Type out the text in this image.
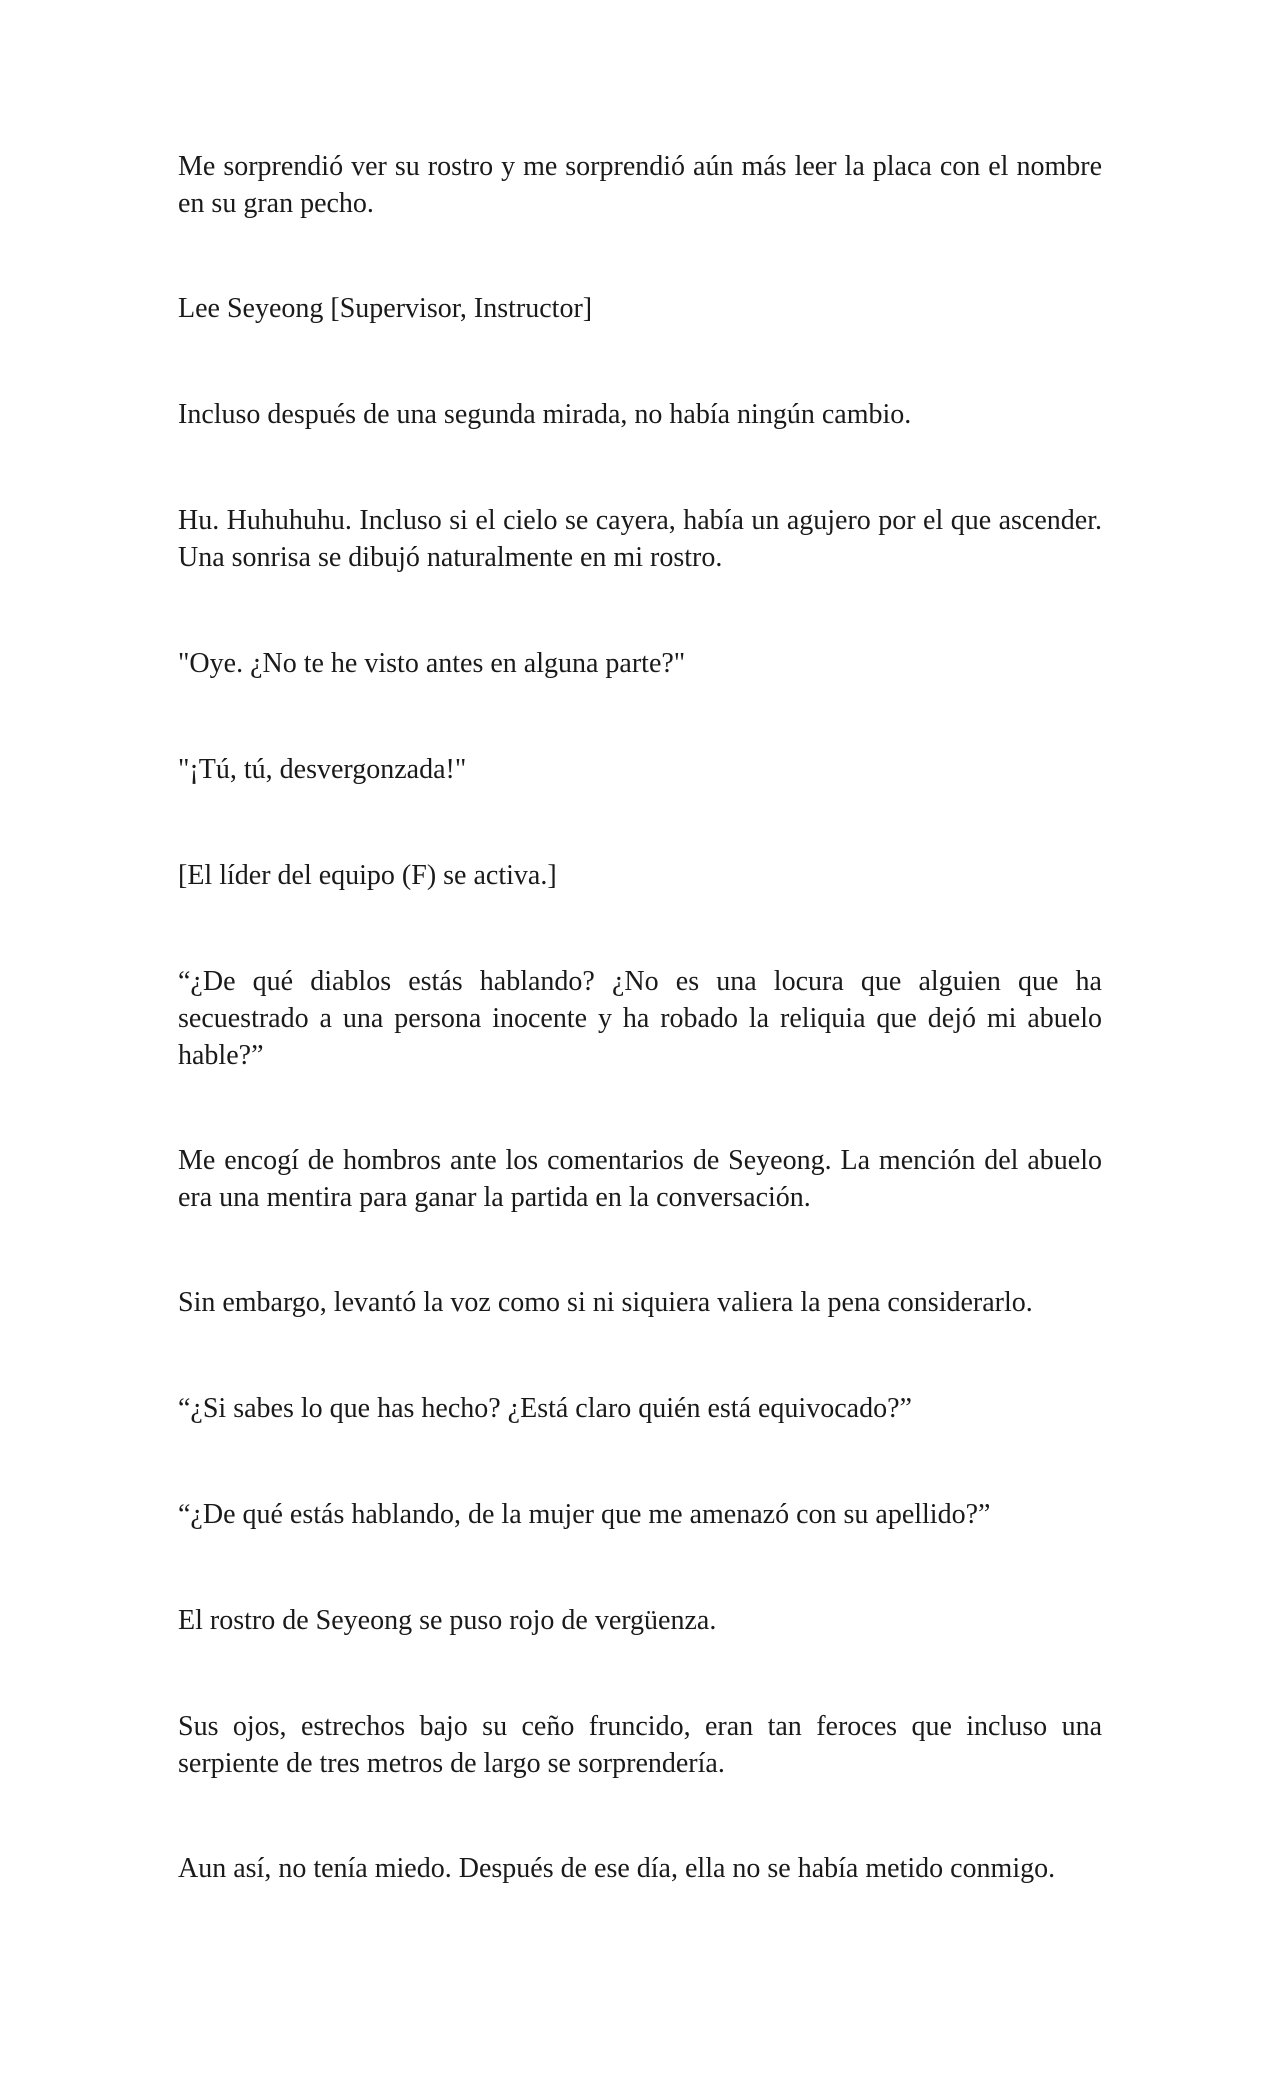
Me sorprendió ver su rostro y me sorprendió aún más leer la placa con el nombre en su gran pecho.

Lee Seyeong [Supervisor, Instructor]

Incluso después de una segunda mirada, no había ningún cambio.

Hu. Huhuhuhu. Incluso si el cielo se cayera, había un agujero por el que ascender. Una sonrisa se dibujó naturalmente en mi rostro.

"Oye. ¿No te he visto antes en alguna parte?"

"¡Tú, tú, desvergonzada!"

[El líder del equipo (F) se activa.]

“¿De qué diablos estás hablando? ¿No es una locura que alguien que ha secuestrado a una persona inocente y ha robado la reliquia que dejó mi abuelo hable?”

Me encogí de hombros ante los comentarios de Seyeong. La mención del abuelo era una mentira para ganar la partida en la conversación.

Sin embargo, levantó la voz como si ni siquiera valiera la pena considerarlo.

“¿Si sabes lo que has hecho? ¿Está claro quién está equivocado?”

“¿De qué estás hablando, de la mujer que me amenazó con su apellido?”

El rostro de Seyeong se puso rojo de vergüenza.

Sus ojos, estrechos bajo su ceño fruncido, eran tan feroces que incluso una serpiente de tres metros de largo se sorprendería.

Aun así, no tenía miedo. Después de ese día, ella no se había metido conmigo.
